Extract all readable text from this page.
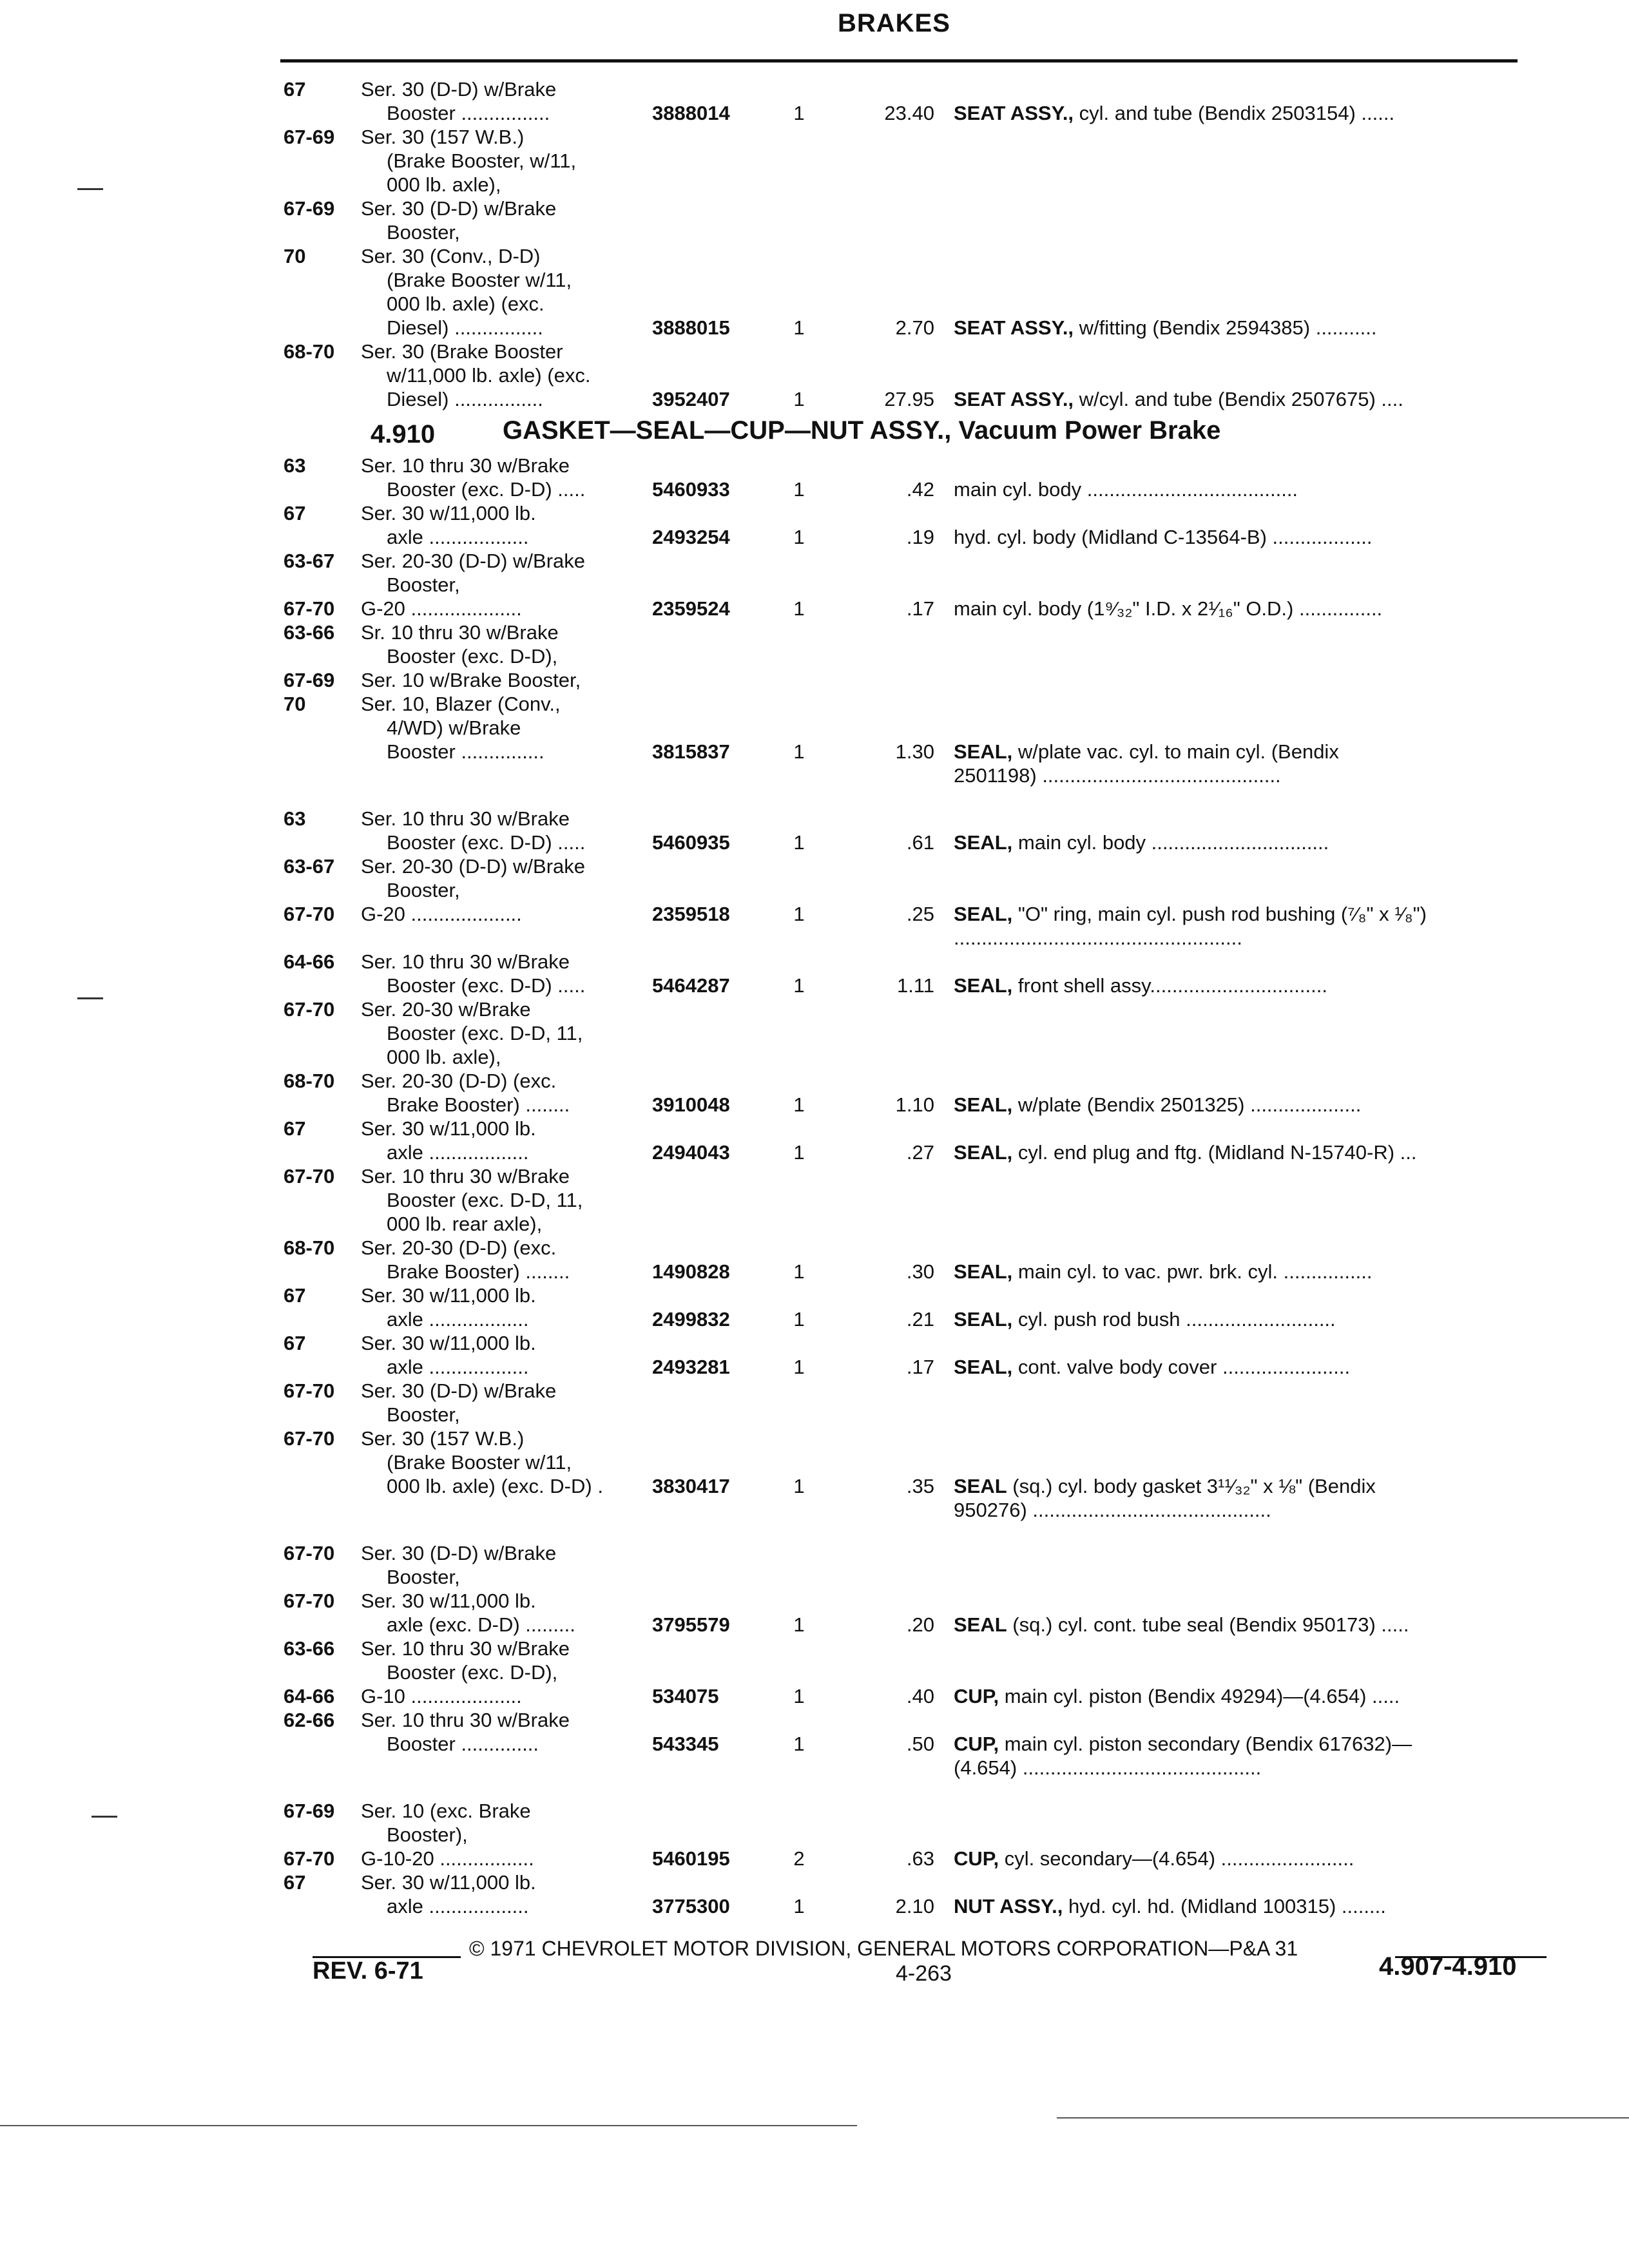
BRAKES
67	Ser. 30 (D-D) w/Brake
Booster ................	3888014	1	23.40 SEAT ASSY., cyl. and tube (Bendix 2503154) ......
67-69	Ser. 30 (157 W.B.)
(Brake Booster, w/11,
000 lb. axle),
67-69	Ser. 30 (D-D) w/Brake
Booster,
70	Ser. 30 (Conv., D-D)
(Brake Booster w/11,
000 lb. axle) (exc.
Diesel) ................	3888015	1	2.70 SEAT ASSY., w/fitting (Bendix 2594385) ...........
68-70	Ser. 30 (Brake Booster
w/11,000 lb. axle) (exc.
Diesel) ................	3952407	1	27.95 SEAT ASSY., w/cyl. and tube (Bendix 2507675) ....
4.910	GASKET—SEAL—CUP—NUT ASSY., Vacuum Power Brake
63	Ser. 10 thru 30 w/Brake
Booster (exc. D-D) .....	5460933	1	.42 main cyl. body ......................................
67	Ser. 30 w/11,000 lb.
axle ..................	2493254	1	.19 hyd. cyl. body (Midland C-13564-B) ..................
63-67	Ser. 20-30 (D-D) w/Brake
Booster,
67-70	G-20 ....................	2359524	1	.17 main cyl. body (1⁹⁄₃₂" I.D. x 2¹⁄₁₆" O.D.) ...............
63-66	Sr. 10 thru 30 w/Brake
Booster (exc. D-D),
67-69	Ser. 10 w/Brake Booster,
70	Ser. 10, Blazer (Conv.,
4/WD) w/Brake
Booster ...............	3815837	1	1.30 SEAL, w/plate vac. cyl. to main cyl. (Bendix
2501198) ...........................................
63	Ser. 10 thru 30 w/Brake
Booster (exc. D-D) .....	5460935	1	.61 SEAL, main cyl. body ................................
63-67	Ser. 20-30 (D-D) w/Brake
Booster,
67-70	G-20 ....................	2359518	1	.25 SEAL, "O" ring, main cyl. push rod bushing (⁷⁄₈" x ¹⁄₈")
....................................................
64-66	Ser. 10 thru 30 w/Brake
Booster (exc. D-D) .....	5464287	1	1.11 SEAL, front shell assy................................
67-70	Ser. 20-30 w/Brake
Booster (exc. D-D, 11,
000 lb. axle),
68-70	Ser. 20-30 (D-D) (exc.
Brake Booster) ........	3910048	1	1.10 SEAL, w/plate (Bendix 2501325) ....................
67	Ser. 30 w/11,000 lb.
axle ..................	2494043	1	.27 SEAL, cyl. end plug and ftg. (Midland N-15740-R) ...
67-70	Ser. 10 thru 30 w/Brake
Booster (exc. D-D, 11,
000 lb. rear axle),
68-70	Ser. 20-30 (D-D) (exc.
Brake Booster) ........	1490828	1	.30 SEAL, main cyl. to vac. pwr. brk. cyl. ................
67	Ser. 30 w/11,000 lb.
axle ..................	2499832	1	.21 SEAL, cyl. push rod bush ...........................
67	Ser. 30 w/11,000 lb.
axle ..................	2493281	1	.17 SEAL, cont. valve body cover .......................
67-70	Ser. 30 (D-D) w/Brake
Booster,
67-70	Ser. 30 (157 W.B.)
(Brake Booster w/11,
000 lb. axle) (exc. D-D) . 3830417	1	.35 SEAL (sq.) cyl. body gasket 3¹¹⁄₃₂" x ⅛" (Bendix
950276) ...........................................
67-70	Ser. 30 (D-D) w/Brake
Booster,
67-70	Ser. 30 w/11,000 lb.
axle (exc. D-D) .........	3795579	1	.20 SEAL (sq.) cyl. cont. tube seal (Bendix 950173) .....
63-66	Ser. 10 thru 30 w/Brake
Booster (exc. D-D),
64-66	G-10 ....................	534075	1	.40 CUP, main cyl. piston (Bendix 49294)—(4.654) .....
62-66	Ser. 10 thru 30 w/Brake
Booster ..............	543345	1	.50 CUP, main cyl. piston secondary (Bendix 617632)—
(4.654) ...........................................
67-69	Ser. 10 (exc. Brake
Booster),
67-70	G-10-20 .................	5460195	2	.63 CUP, cyl. secondary—(4.654) ........................
67	Ser. 30 w/11,000 lb.
axle ..................	3775300	1	2.10 NUT ASSY., hyd. cyl. hd. (Midland 100315) ........
© 1971 CHEVROLET MOTOR DIVISION, GENERAL MOTORS CORPORATION—P&A 31
REV. 6-71	4-263	4.907-4.910
